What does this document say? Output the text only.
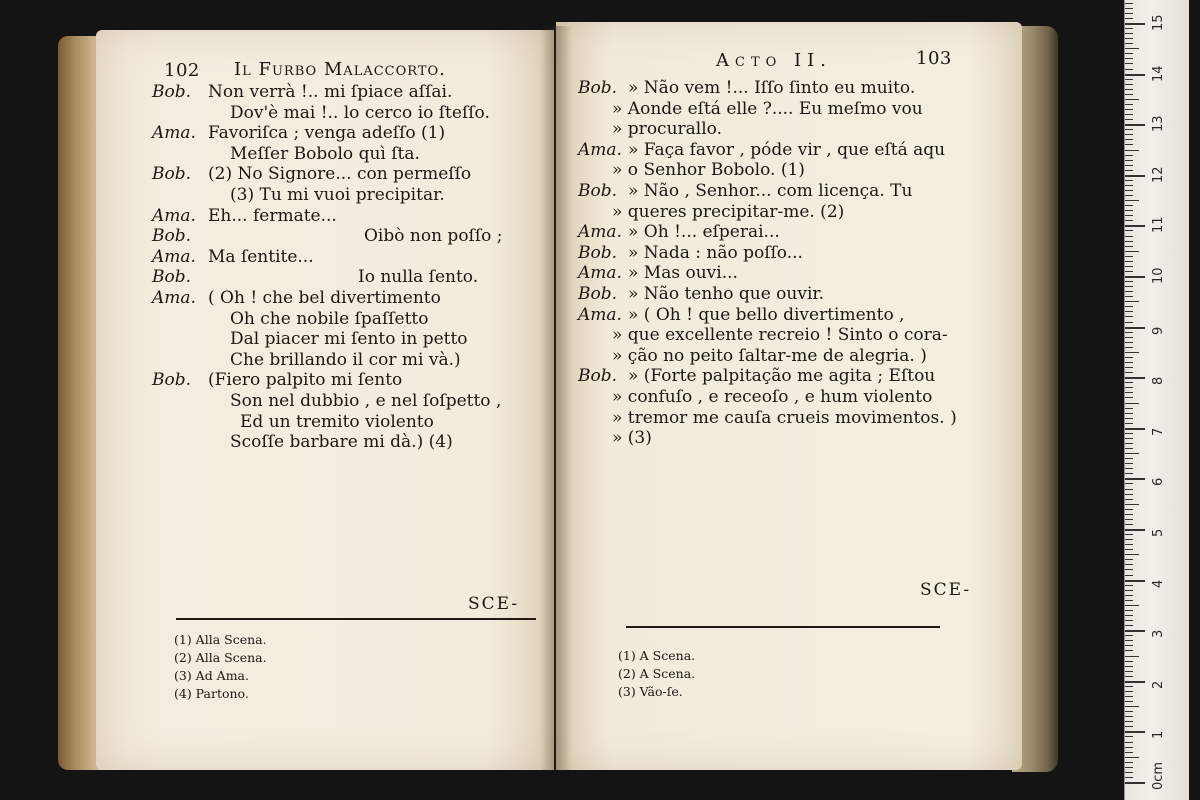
102 Il Furbo Malaccorto.
Bob. Non verrà !.. mi ſpiace aſſai.
Dov'è mai !.. lo cerco io ſteſſo.
Ama. Favoriſca ; venga adeſſo (1)
Meſſer Bobolo quì ſta.
Bob. (2) No Signore... con permeſſo
(3) Tu mi vuoi precipitar.
Ama. Eh... fermate...
Bob.	Oibò non poſſo ;
Ama. Ma ſentite...
Bob.	Io nulla ſento.
Ama. ( Oh ! che bel divertimento
Oh che nobile ſpaſſetto
Dal piacer mi ſento in petto
Che brillando il cor mi và.)
Bob. (Fiero palpito mi ſento
Son nel dubbio , e nel ſoſpetto ,
Ed un tremito violento
Scoſſe barbare mi dà.) (4)
SCE-
(1) Alla Scena.
(2) Alla Scena.
(3) Ad Ama.
(4) Partono.
Acto II.	103
Bob. » Não vem !... Iſſo ſinto eu muito.
» Aonde eſtá elle ?.... Eu meſmo vou
» procurallo.
Ama. » Faça favor , póde vir , que eſtá aqu
» o Senhor Bobolo. (1)
Bob. » Não , Senhor... com licença. Tu
» queres precipitar-me. (2)
Ama. » Oh !... eſperai...
Bob. » Nada : não poſſo...
Ama. » Mas ouvi...
Bob. » Não tenho que ouvir.
Ama. » ( Oh ! que bello divertimento ,
» que excellente recreio ! Sinto o cora-
» ção no peito ſaltar-me de alegria. )
Bob. » (Forte palpitação me agita ; Eſtou
» confuſo , e receoſo , e hum violento
» tremor me cauſa crueis movimentos. )
» (3)
SCE-
(1) A Scena.
(2) A Scena.
(3) Vão-ſe.
1
2
3
4
5
6
7
8
9
10
11
12
13
14
15
0cm
